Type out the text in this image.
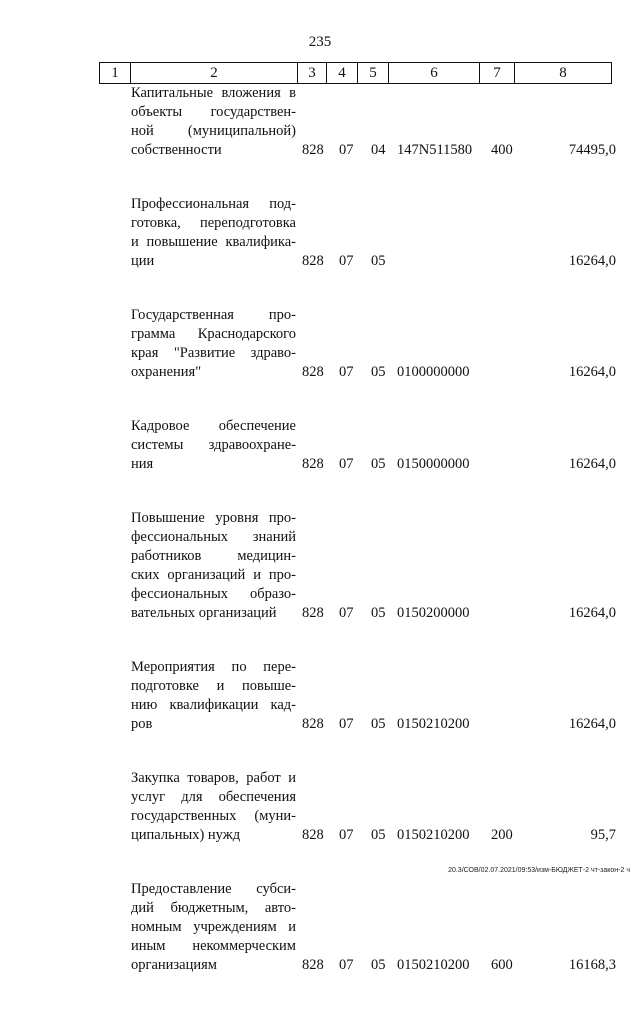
235
1	2	3	4	5	6	7	8
Капитальные вложения в
объекты государствен-
ной (муниципальной)
собственности	828 07 04 147N511580 400	74495,0
Профессиональная под-
готовка, переподготовка
и повышение квалифика-
ции	828 07 05	16264,0
Государственная про-
грамма Краснодарского
края "Развитие здраво-
охранения"	828 07 05 0100000000	16264,0
Кадровое обеспечение
системы здравоохране-
ния	828 07 05 0150000000	16264,0
Повышение уровня про-
фессиональных знаний
работников медицин-
ских организаций и про-
фессиональных образо-
вательных организаций	828 07 05 0150200000	16264,0
Мероприятия по пере-
подготовке и повыше-
нию квалификации кад-
ров	828 07 05 0150210200	16264,0
Закупка товаров, работ и
услуг для обеспечения
государственных (муни-
ципальных) нужд	828 07 05 0150210200 200	95,7
Предоставление субси-
дий бюджетным, авто-
номным учреждениям и
иным некоммерческим
организациям	828 07 05 0150210200 600	16168,3
20.3/СОВ/02.07.2021/09:53/изм-БЮДЖЕТ-2 чт-закон-2 ч
